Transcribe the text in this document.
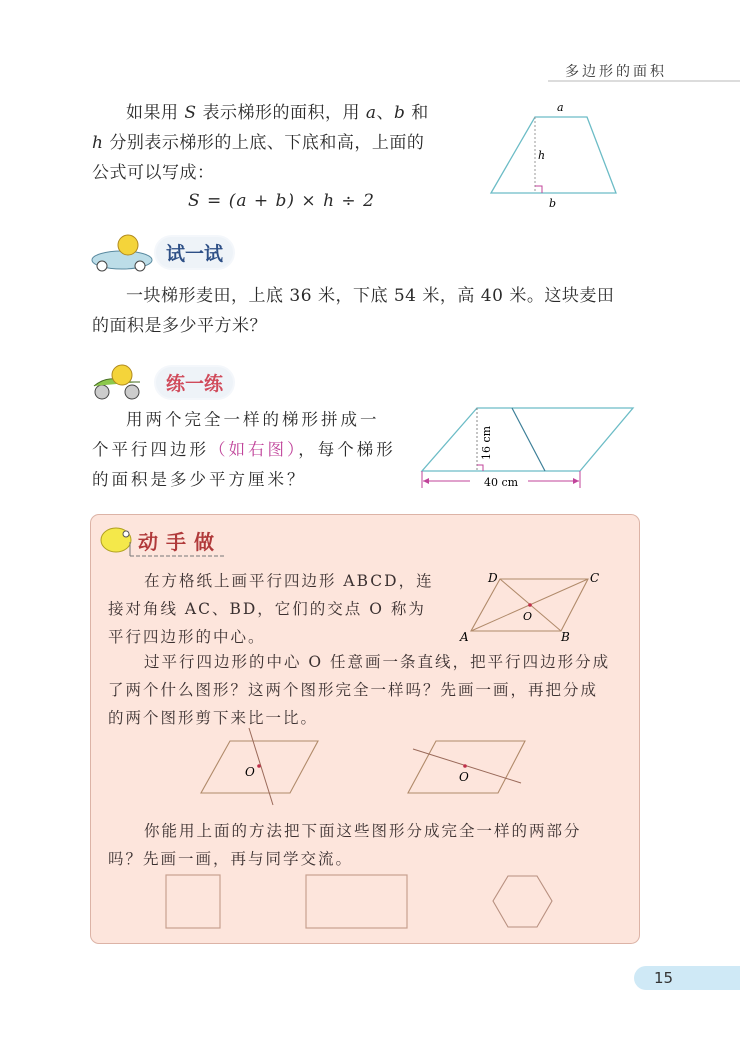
多边形的面积
如果用 S 表示梯形的面积，用 a、b 和
h 分别表示梯形的上底、下底和高，上面的
公式可以写成：
S = (a + b) × h ÷ 2
a
h
b
试一试
一块梯形麦田，上底 36 米，下底 54 米，高 40 米。这块麦田
的面积是多少平方米？
练一练
用两个完全一样的梯形拼成一
个平行四边形（如右图），每个梯形
的面积是多少平方厘米？
16 cm
40 cm
动手做
在方格纸上画平行四边形 ABCD，连
接对角线 AC、BD，它们的交点 O 称为
平行四边形的中心。	A	B
C
D
O
过平行四边形的中心 O 任意画一条直线，把平行四边形分成
了两个什么图形？这两个图形完全一样吗？先画一画，再把分成
的两个图形剪下来比一比。
O	O
你能用上面的方法把下面这些图形分成完全一样的两部分
吗？先画一画，再与同学交流。
15
